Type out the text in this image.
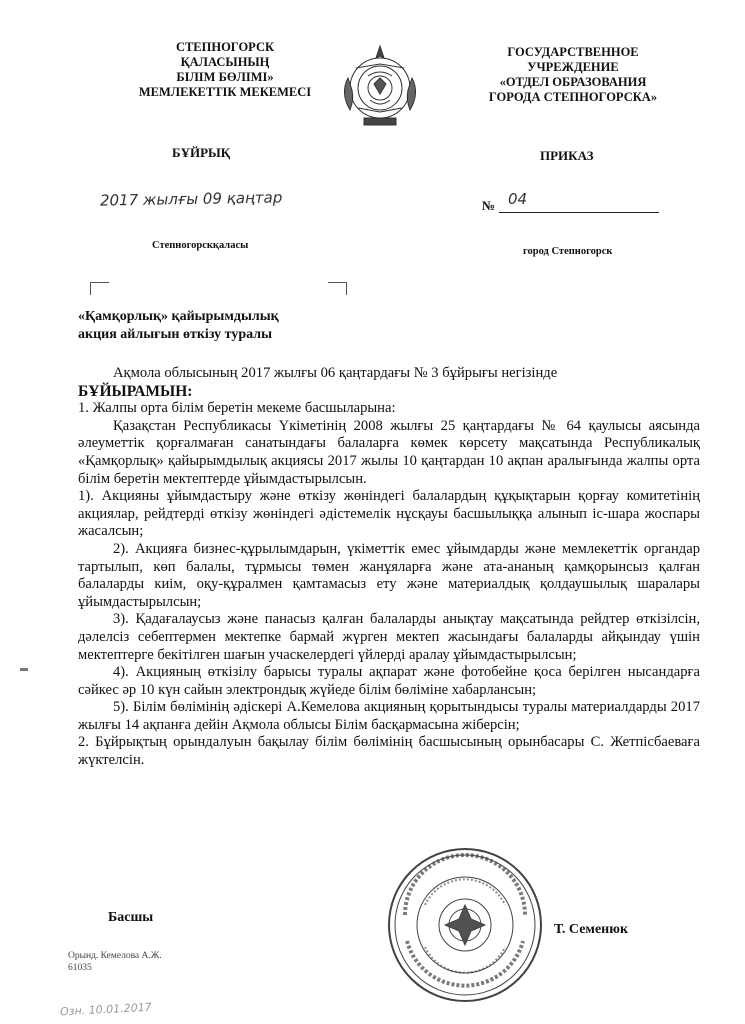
СТЕПНОГОРСК
ҚАЛАСЫНЫҢ
БІЛІМ БӨЛІМІ»
МЕМЛЕКЕТТІК МЕКЕМЕСІ
ГОСУДАРСТВЕННОЕ
УЧРЕЖДЕНИЕ
«ОТДЕЛ ОБРАЗОВАНИЯ
ГОРОДА СТЕПНОГОРСКА»
БҰЙРЫҚ	ПРИКАЗ
2017 жылғы 09 қаңтар	№ 04
Степногорскқаласы
город Степногорск
«Қамқорлық» қайырымдылық
акция айлығын өткізу туралы

Ақмола облысының 2017 жылғы 06 қаңтардағы № 3 бұйрығы негізінде

БҰЙЫРАМЫН:

1. Жалпы орта білім беретін мекеме басшыларына:

Қазақстан Республикасы Үкіметінің 2008 жылғы 25 қаңтардағы № 64 қаулысы аясында әлеуметтік қорғалмаған санатындағы балаларға көмек көрсету мақсатында Республикалық «Қамқорлық» қайырымдылық акциясы 2017 жылы 10 қаңтардан 10 ақпан аралығында жалпы орта білім беретін мектептерде ұйымдастырылсын.

1). Акцияны ұйымдастыру және өткізу жөніндегі балалардың құқықтарын қорғау комитетінің акциялар, рейдтерді өткізу жөніндегі әдістемелік нұсқауы басшылыққа алынып іс-шара жоспары жасалсын;

2). Акцияға бизнес-құрылымдарын, үкіметтік емес ұйымдарды және мемлекеттік органдар тартылып, көп балалы, тұрмысы төмен жанұяларға және ата-ананың қамқорынсыз қалған балаларды киім, оқу-құралмен қамтамасыз ету және материалдық қолдаушылық шаралары ұйымдастырылсын;

3). Қадағалаусыз және панасыз қалған балаларды анықтау мақсатында рейдтер өткізілсін, дәлелсіз себептермен мектепке бармай жүрген мектеп жасындағы балаларды айқындау үшін мектептерге бекітілген шағын учаскелердегі үйлерді аралау ұйымдастырылсын;

4). Акцияның өткізілу барысы туралы ақпарат және фотобейне қоса берілген нысандарға сәйкес әр 10 күн сайын электрондық жүйеде білім бөліміне хабарлансын;

5). Білім бөлімінің әдіскері А.Кемелова акцияның қорытындысы туралы материалдарды 2017 жылғы 14 ақпанға дейін Ақмола облысы Білім басқармасына жіберсін;

2. Бұйрықтың орындалуын бақылау білім бөлімінің басшысының орынбасары С. Жетпісбаеваға жүктелсін.

Басшы
Т. Семенюк
Орынд. Кемелова А.Ж.
61035
Озн. 10.01.2017
